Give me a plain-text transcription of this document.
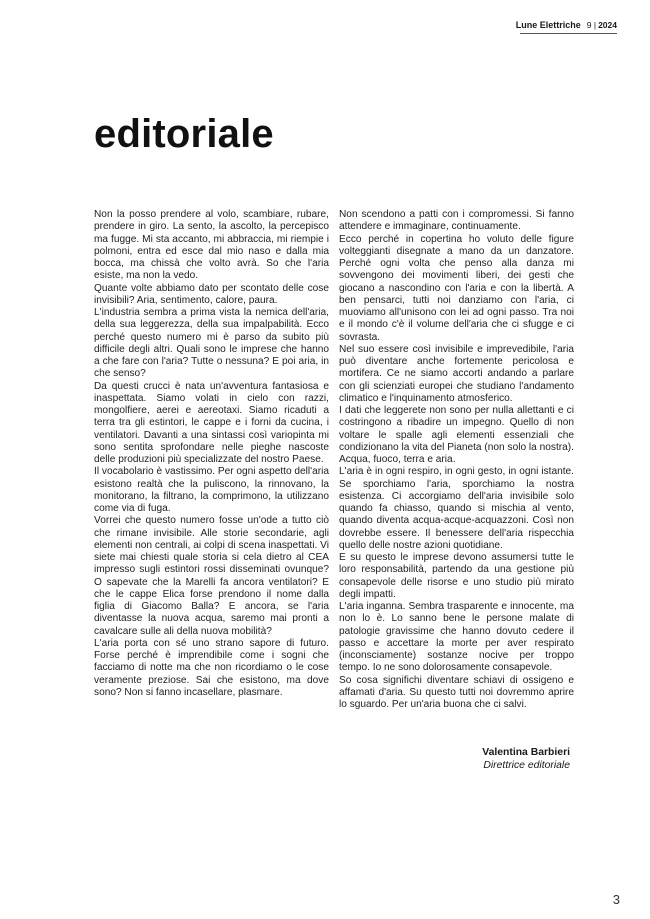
Lune Elettriche 9 | 2024
editoriale

Non la posso prendere al volo, scambiare, rubare, prendere in giro. La sento, la ascolto, la percepisco ma fugge. Mi sta accanto, mi abbraccia, mi riempie i polmoni, entra ed esce dal mio naso e dalla mia bocca, ma chissà che volto avrà. So che l'aria esiste, ma non la vedo.

Quante volte abbiamo dato per scontato delle cose invisibili? Aria, sentimento, calore, paura.

L'industria sembra a prima vista la nemica dell'aria, della sua leggerezza, della sua impalpabilità. Ecco perché questo numero mi è parso da subito più difficile degli altri. Quali sono le imprese che hanno a che fare con l'aria? Tutte o nessuna? E poi aria, in che senso?

Da questi crucci è nata un'avventura fantasiosa e inaspettata. Siamo volati in cielo con razzi, mongolfiere, aerei e aereotaxi. Siamo ricaduti a terra tra gli estintori, le cappe e i forni da cucina, i ventilatori. Davanti a una sintassi così variopinta mi sono sentita sprofondare nelle pieghe nascoste delle produzioni più specializzate del nostro Paese.

Il vocabolario è vastissimo. Per ogni aspetto dell'aria esistono realtà che la puliscono, la rinnovano, la monitorano, la filtrano, la comprimono, la utilizzano come via di fuga.

Vorrei che questo numero fosse un'ode a tutto ciò che rimane invisibile. Alle storie secondarie, agli elementi non centrali, ai colpi di scena inaspettati. Vi siete mai chiesti quale storia si cela dietro al CEA impresso sugli estintori rossi disseminati ovunque? O sapevate che la Marelli fa ancora ventilatori? E che le cappe Elica forse prendono il nome dalla figlia di Giacomo Balla? E ancora, se l'aria diventasse la nuova acqua, saremo mai pronti a cavalcare sulle ali della nuova mobilità?

L'aria porta con sé uno strano sapore di futuro. Forse perché è imprendibile come i sogni che facciamo di notte ma che non ricordiamo o le cose veramente preziose. Sai che esistono, ma dove sono? Non si fanno incasellare, plasmare.

Non scendono a patti con i compromessi. Si fanno attendere e immaginare, continuamente.

Ecco perché in copertina ho voluto delle figure volteggianti disegnate a mano da un danzatore. Perché ogni volta che penso alla danza mi sovvengono dei movimenti liberi, dei gesti che giocano a nascondino con l'aria e con la libertà. A ben pensarci, tutti noi danziamo con l'aria, ci muoviamo all'unisono con lei ad ogni passo. Tra noi e il mondo c'è il volume dell'aria che ci sfugge e ci sovrasta.

Nel suo essere così invisibile e imprevedibile, l'aria può diventare anche fortemente pericolosa e mortifera. Ce ne siamo accorti andando a parlare con gli scienziati europei che studiano l'andamento climatico e l'inquinamento atmosferico.

I dati che leggerete non sono per nulla allettanti e ci costringono a ribadire un impegno. Quello di non voltare le spalle agli elementi essenziali che condizionano la vita del Pianeta (non solo la nostra). Acqua, fuoco, terra e aria.

L'aria è in ogni respiro, in ogni gesto, in ogni istante. Se sporchiamo l'aria, sporchiamo la nostra esistenza. Ci accorgiamo dell'aria invisibile solo quando fa chiasso, quando si mischia al vento, quando diventa acqua-acque-acquazzoni. Così non dovrebbe essere. Il benessere dell'aria rispecchia quello delle nostre azioni quotidiane.

E su questo le imprese devono assumersi tutte le loro responsabilità, partendo da una gestione più consapevole delle risorse e uno studio più mirato degli impatti.

L'aria inganna. Sembra trasparente e innocente, ma non lo è. Lo sanno bene le persone malate di patologie gravissime che hanno dovuto cedere il passo e accettare la morte per aver respirato (inconsciamente) sostanze nocive per troppo tempo. Io ne sono dolorosamente consapevole.

So cosa significhi diventare schiavi di ossigeno e affamati d'aria. Su questo tutti noi dovremmo aprire lo sguardo. Per un'aria buona che ci salvi.

Valentina Barbieri
Direttrice editoriale
3
